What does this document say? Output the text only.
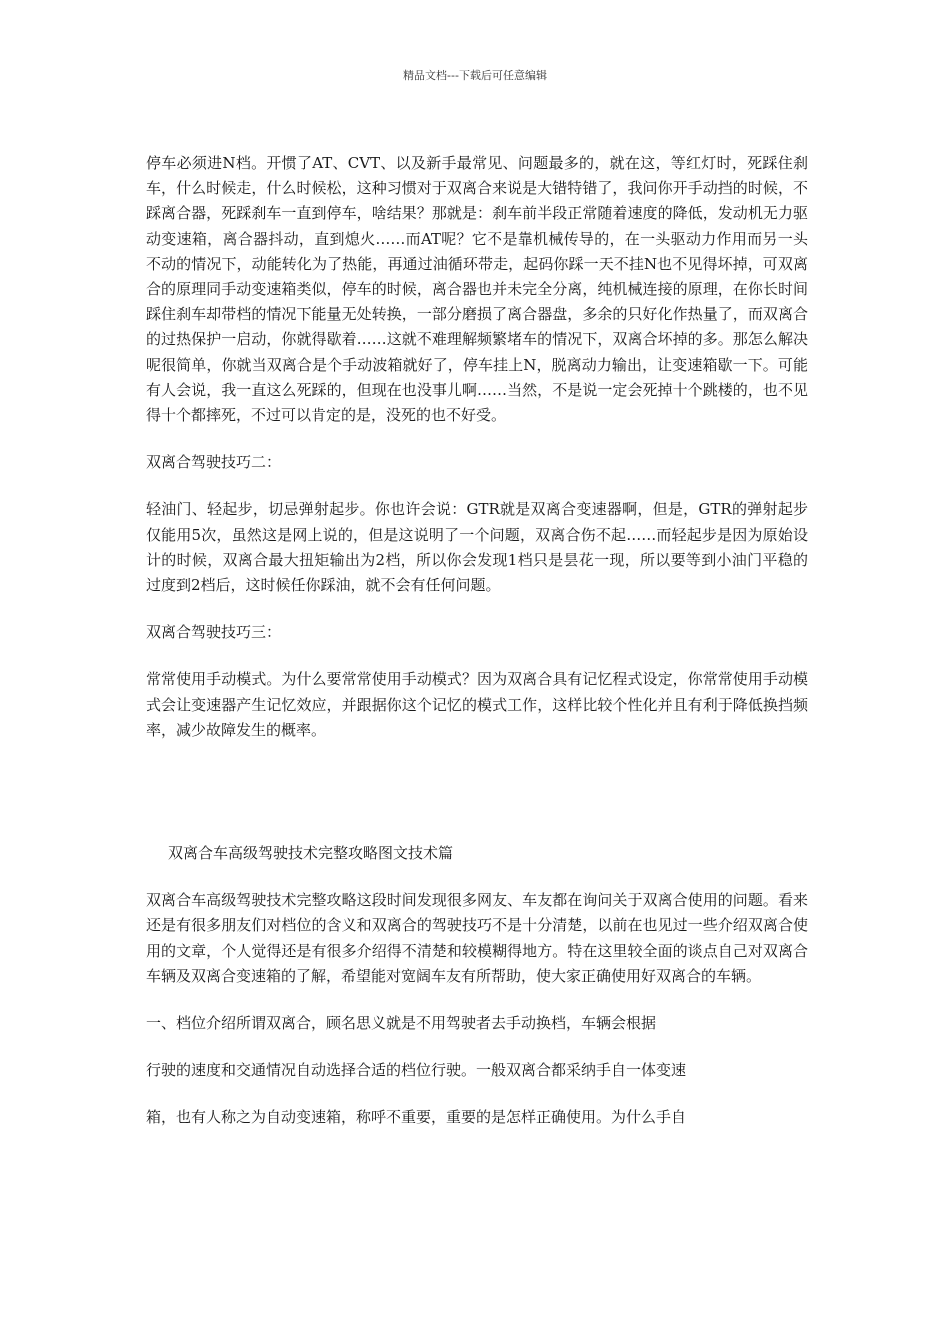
精品文档---下载后可任意编辑

停车必须进N档。开惯了AT、CVT、以及新手最常见、问题最多的，就在这，等红灯时，死踩住刹车，什么时候走，什么时候松，这种习惯对于双离合来说是大错特错了，我问你开手动挡的时候，不踩离合器，死踩刹车一直到停车，啥结果？那就是：刹车前半段正常随着速度的降低，发动机无力驱动变速箱，离合器抖动，直到熄火……而AT呢？它不是靠机械传导的，在一头驱动力作用而另一头不动的情况下，动能转化为了热能，再通过油循环带走，起码你踩一天不挂N也不见得坏掉，可双离合的原理同手动变速箱类似，停车的时候，离合器也并未完全分离，纯机械连接的原理，在你长时间踩住刹车却带档的情况下能量无处转换，一部分磨损了离合器盘，多余的只好化作热量了，而双离合的过热保护一启动，你就得歇着……这就不难理解频繁堵车的情况下，双离合坏掉的多。那怎么解决呢很简单，你就当双离合是个手动波箱就好了，停车挂上N，脱离动力输出，让变速箱歇一下。可能有人会说，我一直这么死踩的，但现在也没事儿啊……当然，不是说一定会死掉十个跳楼的，也不见得十个都摔死，不过可以肯定的是，没死的也不好受。

双离合驾驶技巧二：

轻油门、轻起步，切忌弹射起步。你也许会说：GTR就是双离合变速器啊，但是，GTR的弹射起步仅能用5次，虽然这是网上说的，但是这说明了一个问题，双离合伤不起……而轻起步是因为原始设计的时候，双离合最大扭矩输出为2档，所以你会发现1档只是昙花一现，所以要等到小油门平稳的过度到2档后，这时候任你踩油，就不会有任何问题。

双离合驾驶技巧三：

常常使用手动模式。为什么要常常使用手动模式？因为双离合具有记忆程式设定，你常常使用手动模式会让变速器产生记忆效应，并跟据你这个记忆的模式工作，这样比较个性化并且有利于降低换挡频率，减少故障发生的概率。

双离合车高级驾驶技术完整攻略图文技术篇

双离合车高级驾驶技术完整攻略这段时间发现很多网友、车友都在询问关于双离合使用的问题。看来还是有很多朋友们对档位的含义和双离合的驾驶技巧不是十分清楚，以前在也见过一些介绍双离合使用的文章，个人觉得还是有很多介绍得不清楚和较模糊得地方。特在这里较全面的谈点自己对双离合车辆及双离合变速箱的了解，希望能对宽阔车友有所帮助，使大家正确使用好双离合的车辆。

一、档位介绍所谓双离合，顾名思义就是不用驾驶者去手动换档，车辆会根据

行驶的速度和交通情况自动选择合适的档位行驶。一般双离合都采纳手自一体变速

箱，也有人称之为自动变速箱，称呼不重要，重要的是怎样正确使用。为什么手自
